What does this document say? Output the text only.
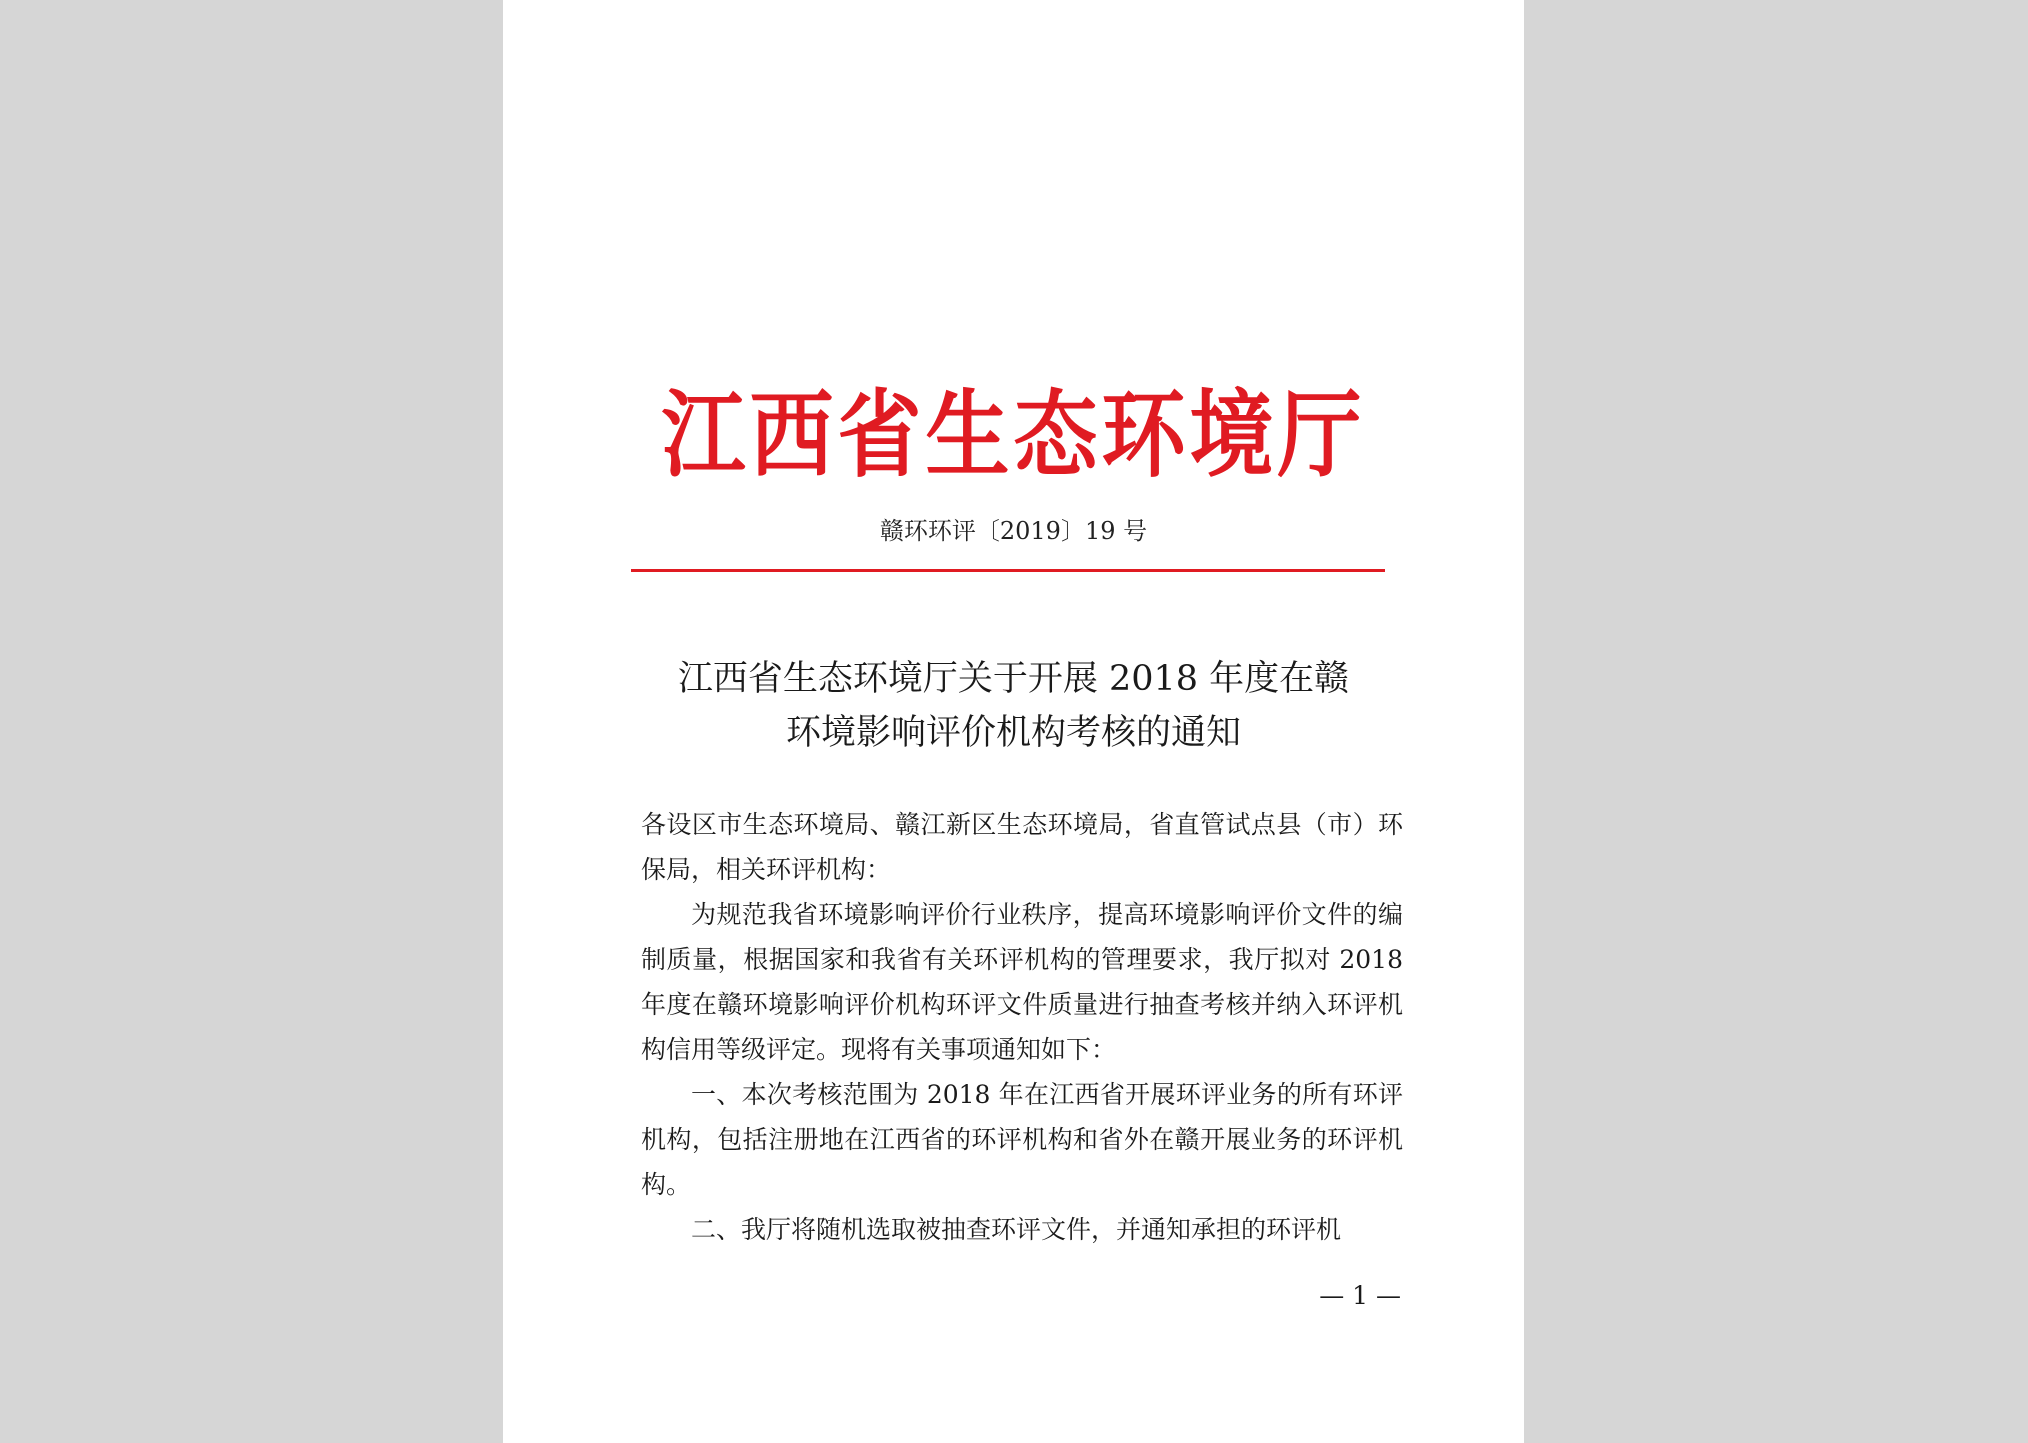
江西省生态环境厅
赣环环评〔2019〕19 号
江西省生态环境厅关于开展 2018 年度在赣
环境影响评价机构考核的通知

各设区市生态环境局、赣江新区生态环境局，省直管试点县（市）环保局，相关环评机构：

为规范我省环境影响评价行业秩序，提高环境影响评价文件的编制质量，根据国家和我省有关环评机构的管理要求，我厅拟对 2018 年度在赣环境影响评价机构环评文件质量进行抽查考核并纳入环评机构信用等级评定。现将有关事项通知如下：

一、本次考核范围为 2018 年在江西省开展环评业务的所有环评机构，包括注册地在江西省的环评机构和省外在赣开展业务的环评机构。

二、我厅将随机选取被抽查环评文件，并通知承担的环评机

— 1 —
